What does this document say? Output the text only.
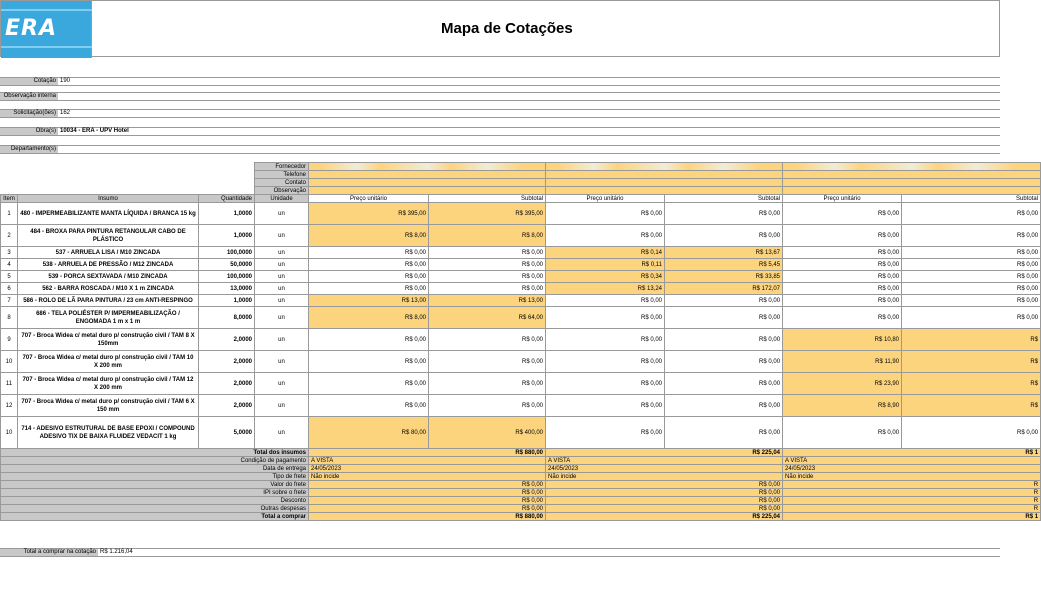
ERA	Mapa de Cotações
Cotação 190
Observação interna
Solicitação(ões) 162
Obra(s) 10034 - ERA - UPV Hotel
Departamento(s)
			Fornecedor						
			Telefone						
			Contato						
			Observação						
Item	Insumo	Quantidade	Unidade	Preço unitário	Subtotal	Preço unitário	Subtotal	Preço unitário	Subtotal
1	480 - IMPERMEABILIZANTE MANTA LÍQUIDA / BRANCA 15 kg	1,0000	un	R$ 395,00	R$ 395,00	R$ 0,00	R$ 0,00	R$ 0,00	R$ 0,00
2	484 - BROXA PARA PINTURA RETANGULAR CABO DE PLÁSTICO	1,0000	un	R$ 8,00	R$ 8,00	R$ 0,00	R$ 0,00	R$ 0,00	R$ 0,00
3	537 - ARRUELA LISA / M10 ZINCADA	100,0000	un	R$ 0,00	R$ 0,00	R$ 0,14	R$ 13,67	R$ 0,00	R$ 0,00
4	538 - ARRUELA DE PRESSÃO / M12 ZINCADA	50,0000	un	R$ 0,00	R$ 0,00	R$ 0,11	R$ 5,45	R$ 0,00	R$ 0,00
5	539 - PORCA SEXTAVADA / M10 ZINCADA	100,0000	un	R$ 0,00	R$ 0,00	R$ 0,34	R$ 33,85	R$ 0,00	R$ 0,00
6	562 - BARRA ROSCADA / M10 X 1 m ZINCADA	13,0000	un	R$ 0,00	R$ 0,00	R$ 13,24	R$ 172,07	R$ 0,00	R$ 0,00
7	586 - ROLO DE LÃ PARA PINTURA / 23 cm ANTI-RESPINGO	1,0000	un	R$ 13,00	R$ 13,00	R$ 0,00	R$ 0,00	R$ 0,00	R$ 0,00
8	686 - TELA POLIÉSTER P/ IMPERMEABILIZAÇÃO / ENGOMADA 1 m x 1 m	8,0000	un	R$ 8,00	R$ 64,00	R$ 0,00	R$ 0,00	R$ 0,00	R$ 0,00
9	707 - Broca Widea c/ metal duro p/ construção civil / TAM 8 X 150mm	2,0000	un	R$ 0,00	R$ 0,00	R$ 0,00	R$ 0,00	R$ 10,80	R$
10	707 - Broca Widea c/ metal duro p/ construção civil / TAM 10 X 200 mm	2,0000	un	R$ 0,00	R$ 0,00	R$ 0,00	R$ 0,00	R$ 11,90	R$
11	707 - Broca Widea c/ metal duro p/ construção civil / TAM 12 X 200 mm	2,0000	un	R$ 0,00	R$ 0,00	R$ 0,00	R$ 0,00	R$ 23,90	R$
12	707 - Broca Widea c/ metal duro p/ construção civil / TAM 6 X 150 mm	2,0000	un	R$ 0,00	R$ 0,00	R$ 0,00	R$ 0,00	R$ 8,90	R$
10	714 - ADESIVO ESTRUTURAL DE BASE EPOXI / COMPOUND ADESIVO TIX DE BAIXA FLUIDEZ VEDACIT 1 kg	5,0000	un	R$ 80,00	R$ 400,00	R$ 0,00	R$ 0,00	R$ 0,00	R$ 0,00
Total dos insumos				R$ 880,00		R$ 225,04		R$ 1	
Condição de pagamento				A VISTA		A VISTA		A VISTA	
Data de entrega				24/05/2023		24/05/2023		24/05/2023	
Tipo de frete				Não incide		Não incide		Não incide	
Valor do frete				R$ 0,00		R$ 0,00		R	
IPI sobre o frete				R$ 0,00		R$ 0,00		R	
Desconto				R$ 0,00		R$ 0,00		R	
Outras despesas				R$ 0,00		R$ 0,00		R	
Total a comprar				R$ 880,00		R$ 225,04		R$ 1	
Total a comprar na cotação R$ 1.216,04
